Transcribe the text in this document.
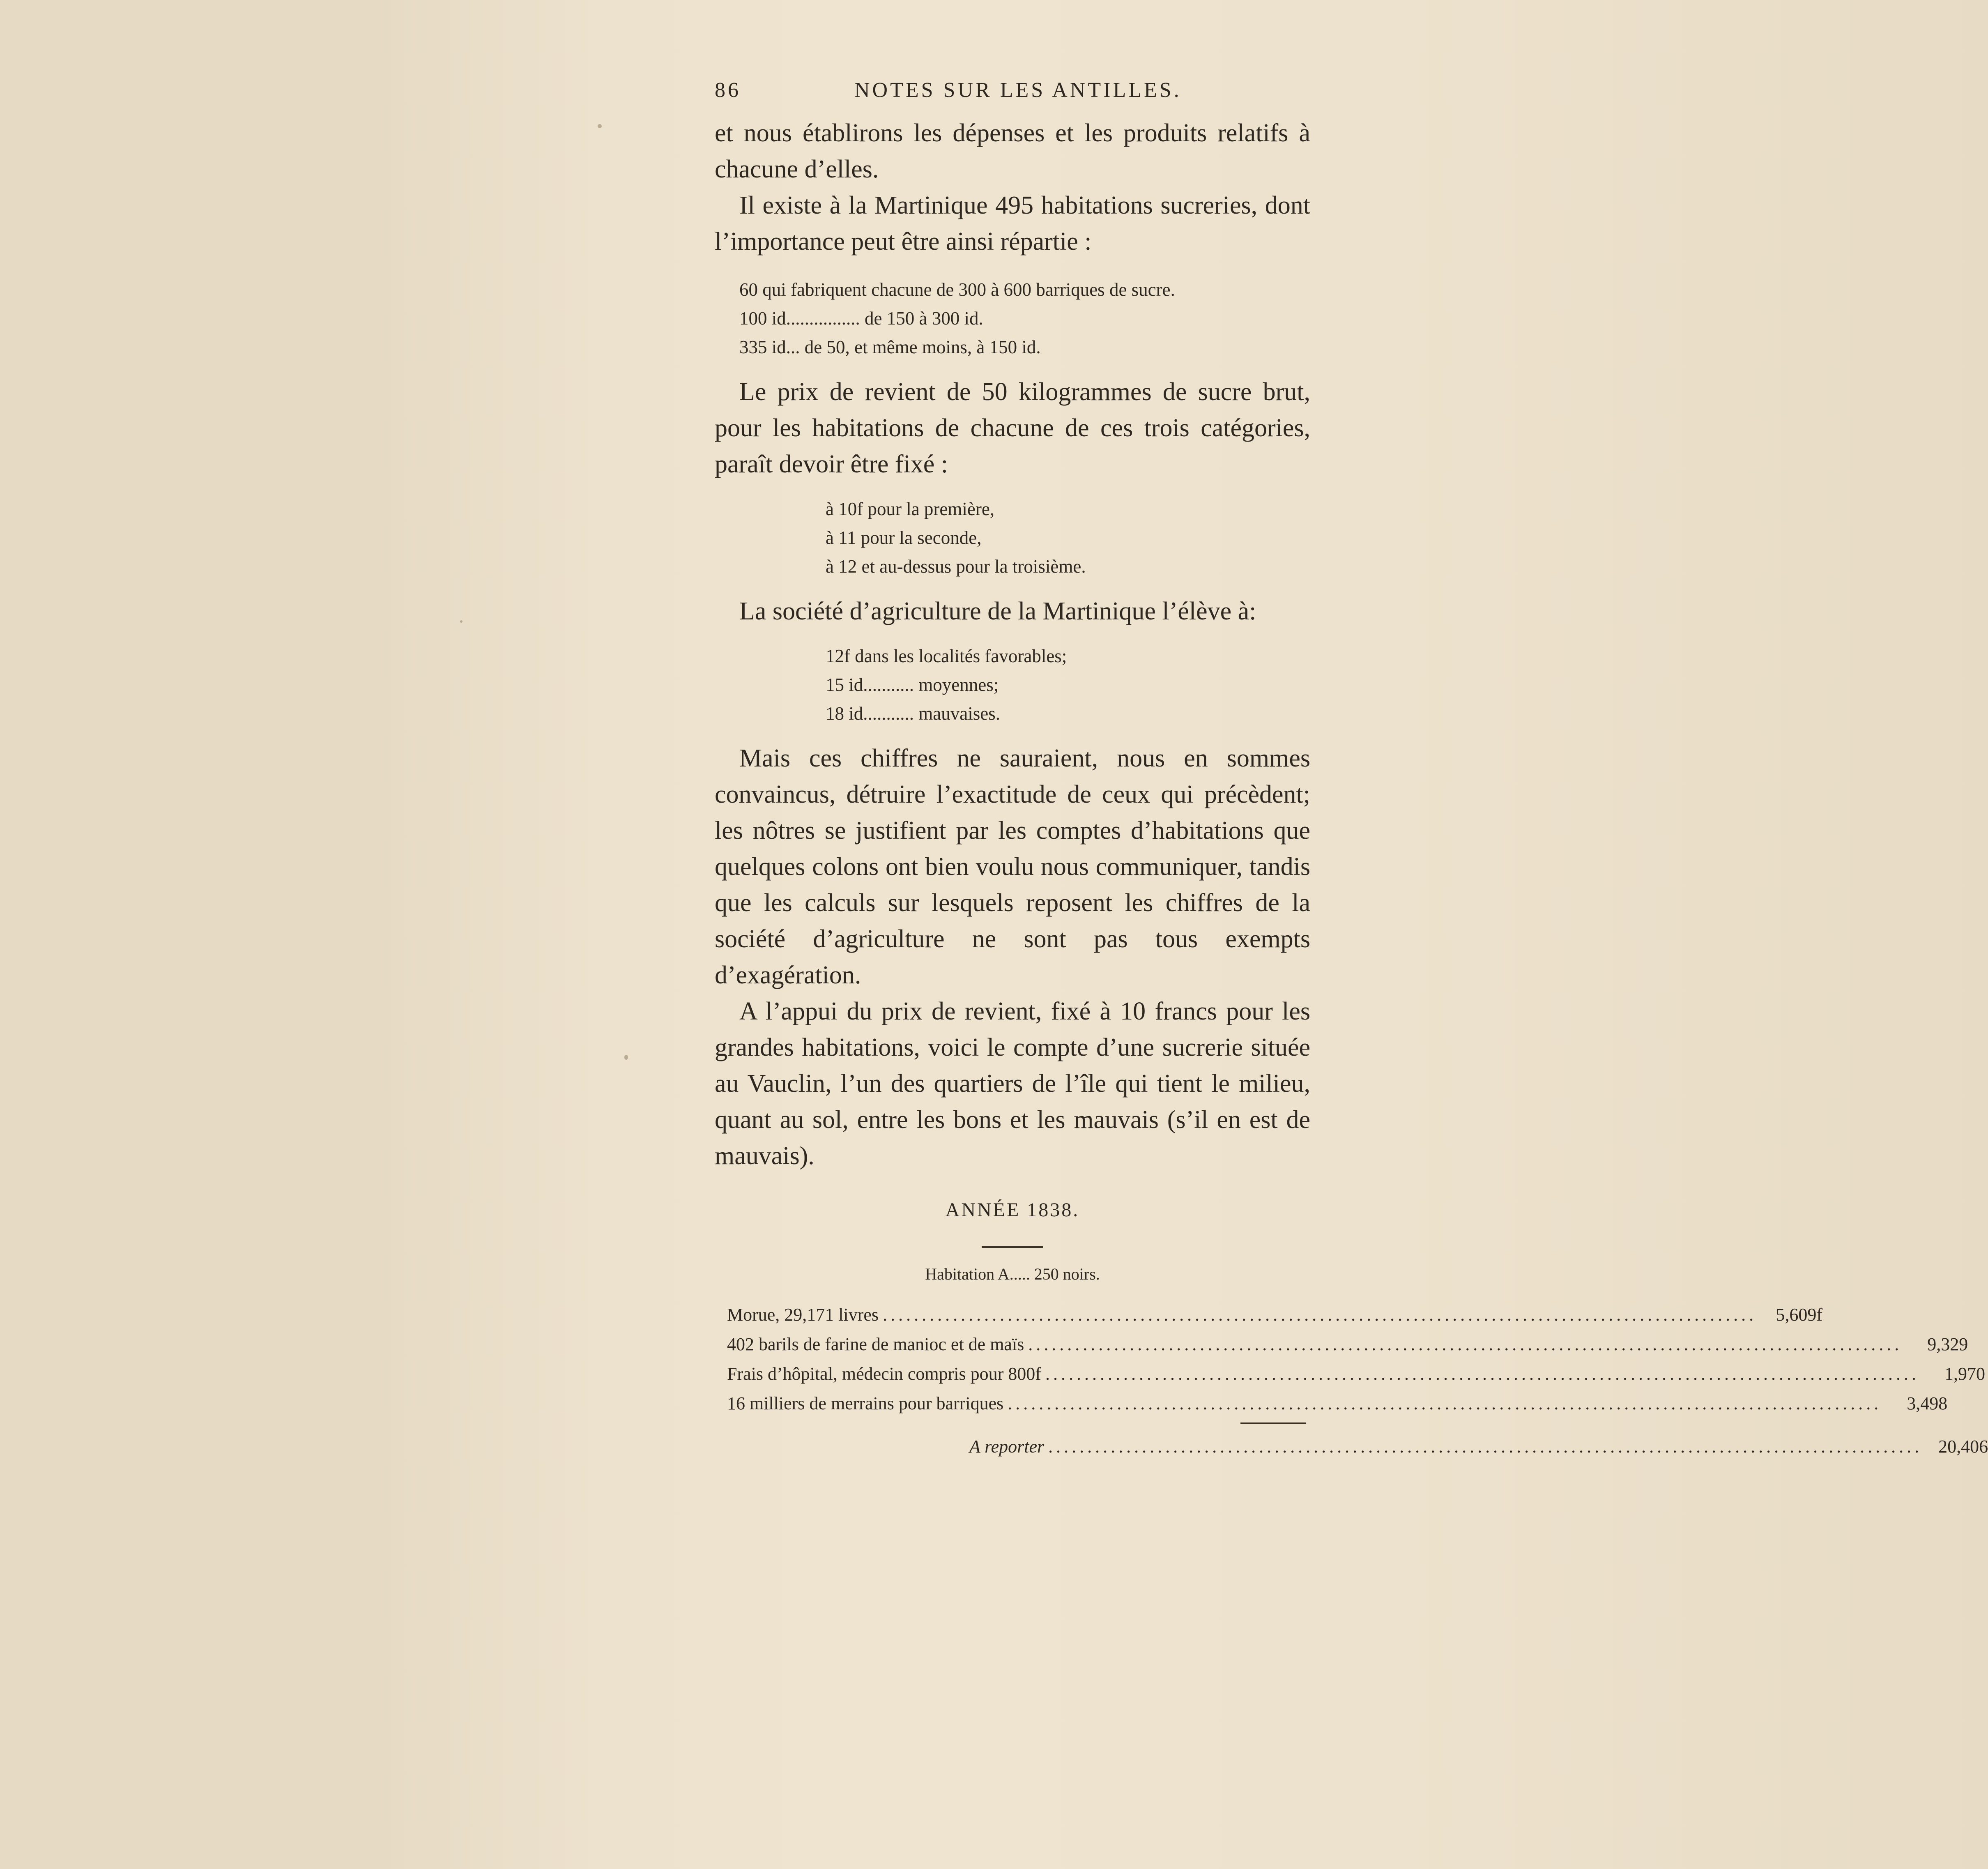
86	NOTES SUR LES ANTILLES.

et nous établirons les dépenses et les produits relatifs à chacune d’elles.

Il existe à la Martinique 495 habitations sucreries, dont l’importance peut être ainsi répartie :

60 qui fabriquent chacune de 300 à 600 barriques de sucre.
100 id................ de 150 à 300 id.
335 id... de 50, et même moins, à 150 id.

Le prix de revient de 50 kilogrammes de sucre brut, pour les habitations de chacune de ces trois catégories, paraît devoir être fixé :

à 10f pour la première,
à 11 pour la seconde,
à 12 et au-dessus pour la troisième.

La société d’agriculture de la Martinique l’élève à:

12f dans les localités favorables;
15 id........... moyennes;
18 id........... mauvaises.

Mais ces chiffres ne sauraient, nous en sommes convaincus, détruire l’exactitude de ceux qui précèdent; les nôtres se justifient par les comptes d’habitations que quelques colons ont bien voulu nous communiquer, tandis que les calculs sur lesquels reposent les chiffres de la société d’agriculture ne sont pas tous exempts d’exagération.

A l’appui du prix de revient, fixé à 10 francs pour les grandes habitations, voici le compte d’une sucrerie située au Vauclin, l’un des quartiers de l’île qui tient le milieu, quant au sol, entre les bons et les mauvais (s’il en est de mauvais).

ANNÉE 1838.
Habitation A..... 250 noirs.
Morue, 29,171 livres ................................................................................................................	5,609f
402 barils de farine de manioc et de maïs ................................................................................................................	9,329
Frais d’hôpital, médecin compris pour 800f ................................................................................................................	1,970
16 milliers de merrains pour barriques ................................................................................................................	3,498
A reporter ................................................................................................................ 20,406
